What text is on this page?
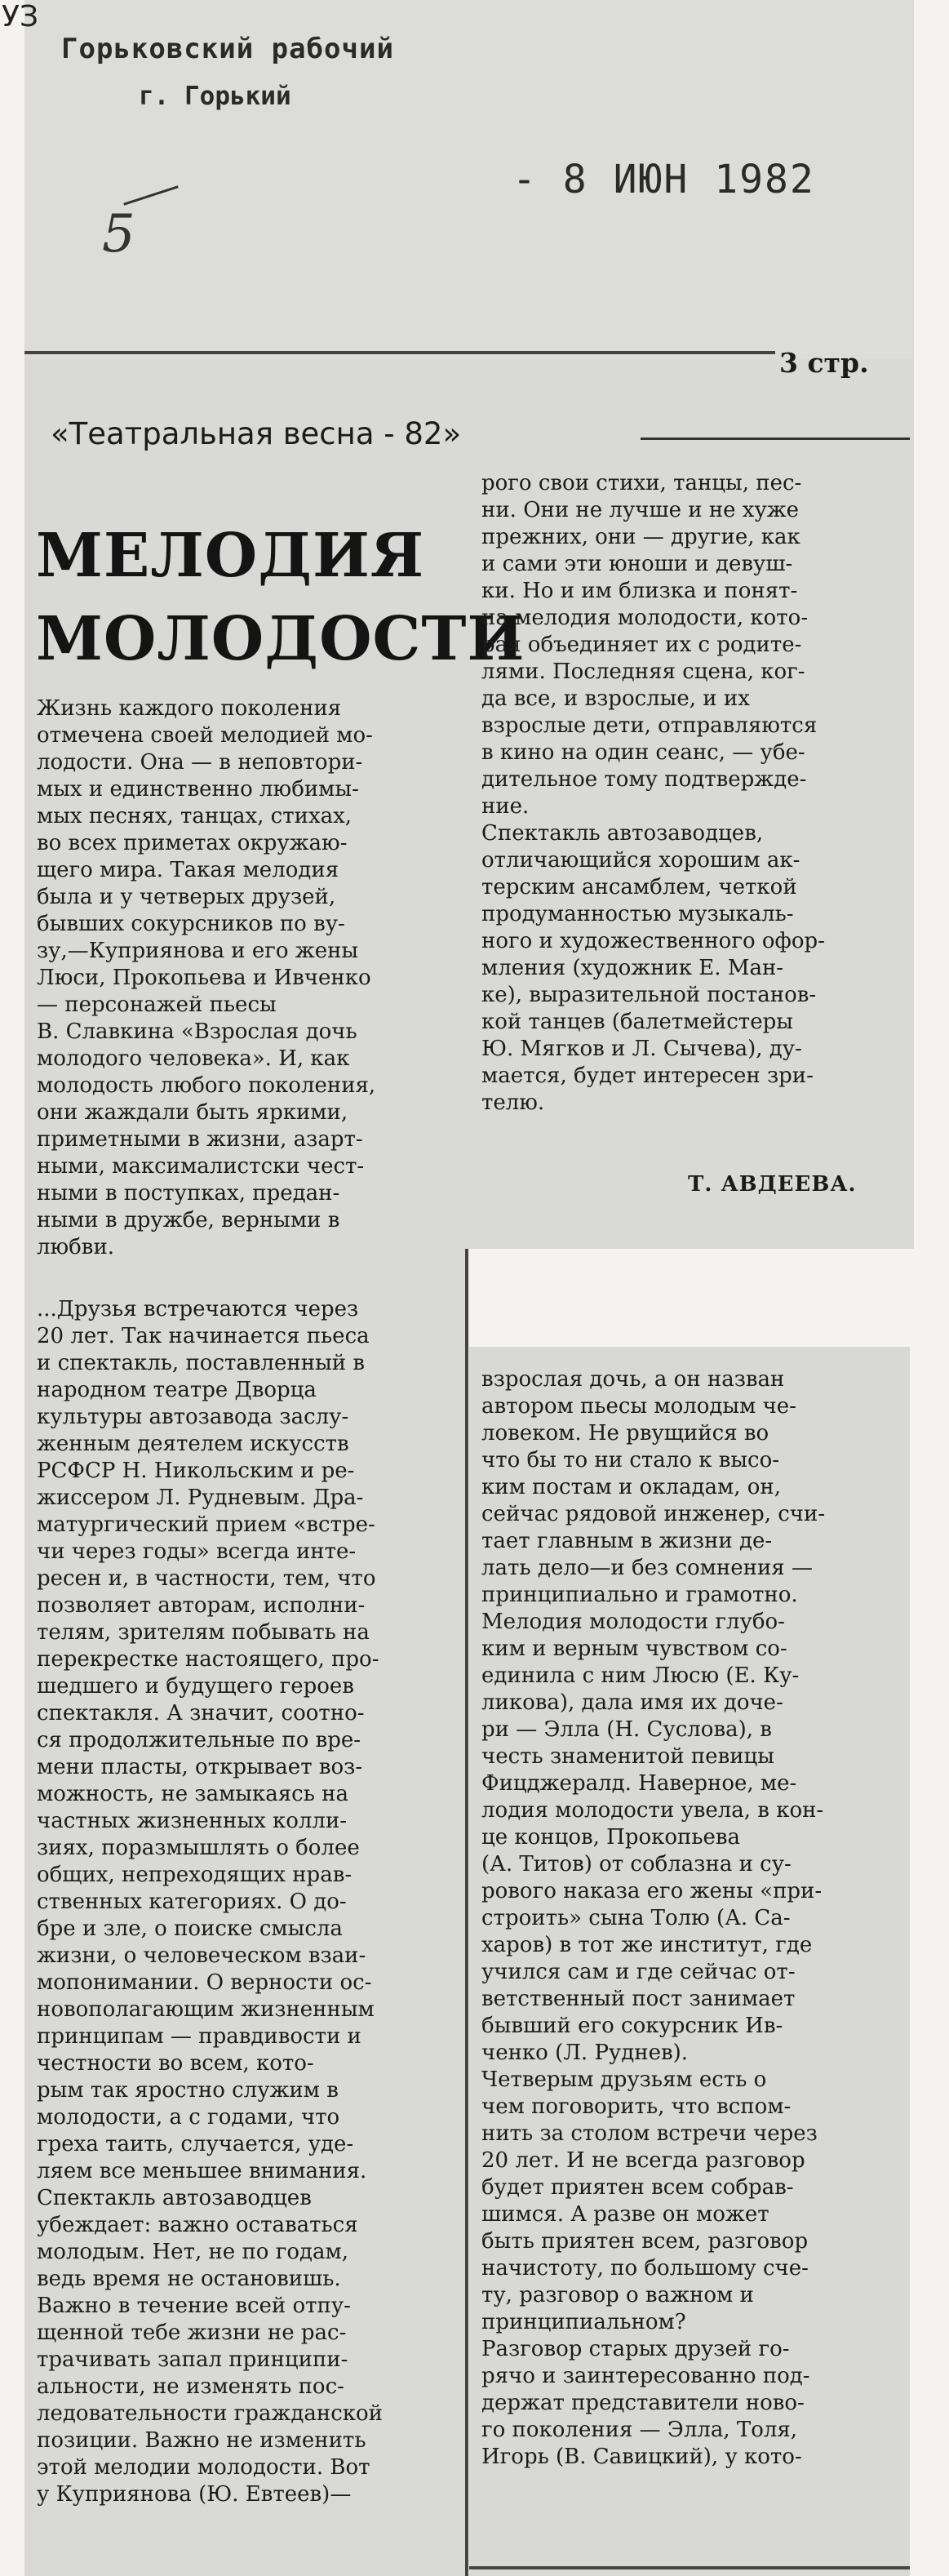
УЗ
Горьковский рабочий
г. Горький
- 8 ИЮН 1982
5
3 стр.
«Театральная весна - 82»
МЕЛОДИЯ
МОЛОДОСТИ
Жизнь каждого поколения
отмечена своей мелодией мо-
лодости. Она — в неповтори-
мых и единственно любимы-
мых песнях, танцах, стихах,
во всех приметах окружаю-
щего мира. Такая мелодия
была и у четверых друзей,
бывших сокурсников по ву-
зу,—Куприянова и его жены
Люси, Прокопьева и Ивченко
— персонажей пьесы
В. Славкина «Взрослая дочь
молодого человека». И, как
молодость любого поколения,
они жаждали быть яркими,
приметными в жизни, азарт-
ными, максималистски чест-
ными в поступках, предан-
ными в дружбе, верными в
любви.
...Друзья встречаются через
20 лет. Так начинается пьеса
и спектакль, поставленный в
народном театре Дворца
культуры автозавода заслу-
женным деятелем искусств
РСФСР Н. Никольским и ре-
жиссером Л. Рудневым. Дра-
матургический прием «встре-
чи через годы» всегда инте-
ресен и, в частности, тем, что
позволяет авторам, исполни-
телям, зрителям побывать на
перекрестке настоящего, про-
шедшего и будущего героев
спектакля. А значит, соотно-
ся продолжительные по вре-
мени пласты, открывает воз-
можность, не замыкаясь на
частных жизненных колли-
зиях, поразмышлять о более
общих, непреходящих нрав-
ственных категориях. О до-
бре и зле, о поиске смысла
жизни, о человеческом взаи-
мопонимании. О верности ос-
новополагающим жизненным
принципам — правдивости и
честности во всем, кото-
рым так яростно служим в
молодости, а с годами, что
греха таить, случается, уде-
ляем все меньшее внимания.
Спектакль автозаводцев
убеждает: важно оставаться
молодым. Нет, не по годам,
ведь время не остановишь.
Важно в течение всей отпу-
щенной тебе жизни не рас-
трачивать запал принципи-
альности, не изменять пос-
ледовательности гражданской
позиции. Важно не изменить
этой мелодии молодости. Вот
у Куприянова (Ю. Евтеев)—
рого свои стихи, танцы, пес-
ни. Они не лучше и не хуже
прежних, они — другие, как
и сами эти юноши и девуш-
ки. Но и им близка и понят-
на мелодия молодости, кото-
рая объединяет их с родите-
лями. Последняя сцена, ког-
да все, и взрослые, и их
взрослые дети, отправляются
в кино на один сеанс, — убе-
дительное тому подтвержде-
ние.
Спектакль автозаводцев,
отличающийся хорошим ак-
терским ансамблем, четкой
продуманностью музыкаль-
ного и художественного офор-
мления (художник Е. Ман-
ке), выразительной постанов-
кой танцев (балетмейстеры
Ю. Мягков и Л. Сычева), ду-
мается, будет интересен зри-
телю.
Т. АВДЕЕВА.
взрослая дочь, а он назван
автором пьесы молодым че-
ловеком. Не рвущийся во
что бы то ни стало к высо-
ким постам и окладам, он,
сейчас рядовой инженер, счи-
тает главным в жизни де-
лать дело—и без сомнения —
принципиально и грамотно.
Мелодия молодости глубо-
ким и верным чувством со-
единила с ним Люсю (Е. Ку-
ликова), дала имя их доче-
ри — Элла (Н. Суслова), в
честь знаменитой певицы
Фицджералд. Наверное, ме-
лодия молодости увела, в кон-
це концов, Прокопьева
(А. Титов) от соблазна и су-
рового наказа его жены «при-
строить» сына Толю (А. Са-
харов) в тот же институт, где
учился сам и где сейчас от-
ветственный пост занимает
бывший его сокурсник Ив-
ченко (Л. Руднев).
Четверым друзьям есть о
чем поговорить, что вспом-
нить за столом встречи через
20 лет. И не всегда разговор
будет приятен всем собрав-
шимся. А разве он может
быть приятен всем, разговор
начистоту, по большому сче-
ту, разговор о важном и
принципиальном?
Разговор старых друзей го-
рячо и заинтересованно под-
держат представители ново-
го поколения — Элла, Толя,
Игорь (В. Савицкий), у кото-
